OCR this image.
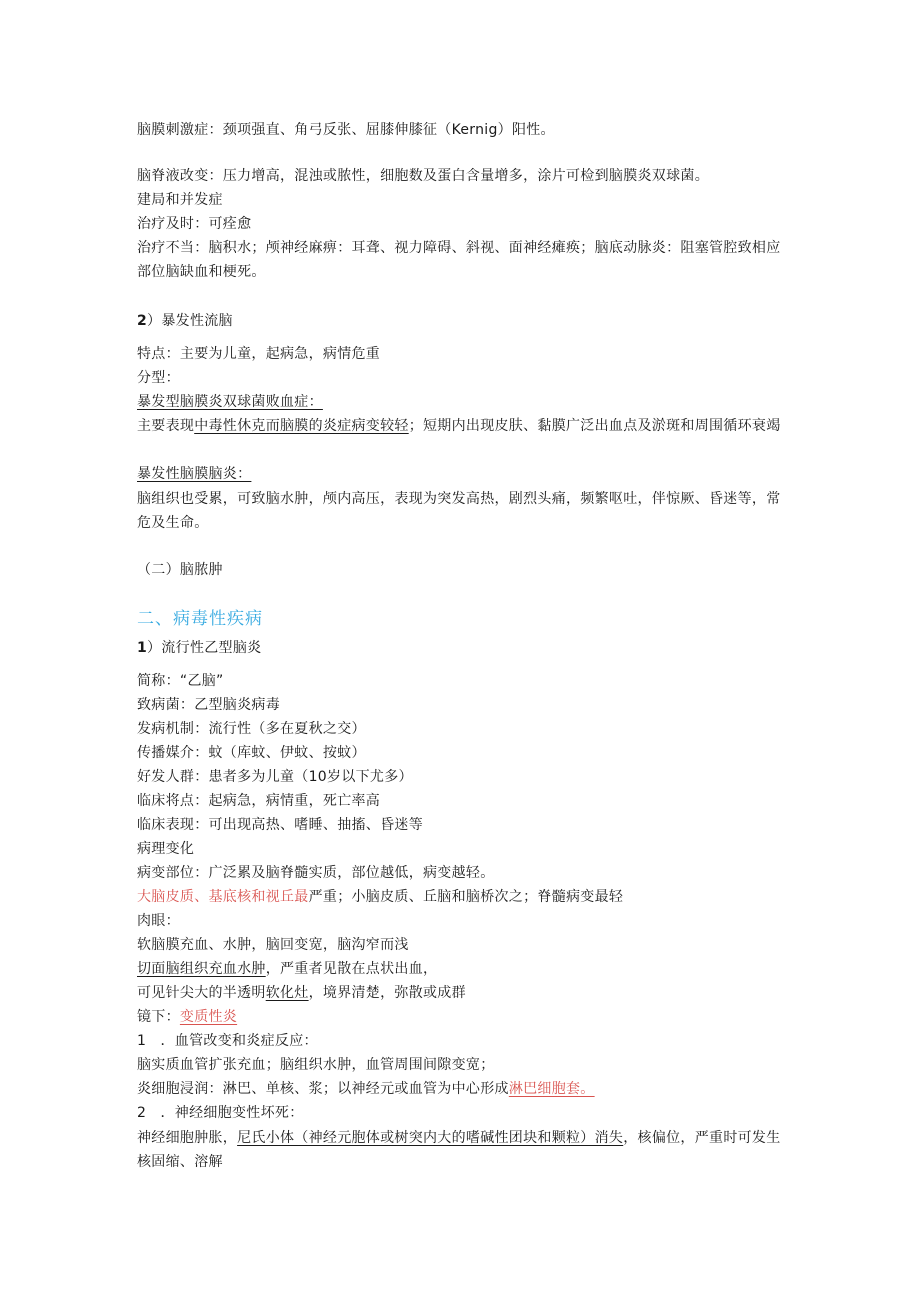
脑膜刺激症：颈项强直、角弓反张、屈膝伸膝征（Kernig）阳性。
脑脊液改变：压力增高，混浊或脓性，细胞数及蛋白含量增多，涂片可检到脑膜炎双球菌。
建局和并发症
治疗及时：可痊愈
治疗不当：脑积水；颅神经麻痹：耳聋、视力障碍、斜视、面神经瘫痪；脑底动脉炎：阻塞管腔致相应部位脑缺血和梗死。
2）暴发性流脑
特点：主要为儿童，起病急，病情危重
分型：
暴发型脑膜炎双球菌败血症：
主要表现中毒性休克而脑膜的炎症病变较轻；短期内出现皮肤、黏膜广泛出血点及淤斑和周围循环衰竭
暴发性脑膜脑炎：
脑组织也受累，可致脑水肿，颅内高压，表现为突发高热，剧烈头痛，频繁呕吐，伴惊厥、昏迷等，常危及生命。
（二）脑脓肿
二、病毒性疾病
1）流行性乙型脑炎
简称：“乙脑”
致病菌：乙型脑炎病毒
发病机制：流行性（多在夏秋之交）
传播媒介：蚊（库蚊、伊蚊、按蚊）
好发人群：患者多为儿童（10岁以下尤多）
临床将点：起病急，病情重，死亡率高
临床表现：可出现高热、嗜睡、抽搐、昏迷等
病理变化
病变部位：广泛累及脑脊髓实质，部位越低，病变越轻。
大脑皮质、基底核和视丘最严重；小脑皮质、丘脑和脑桥次之；脊髓病变最轻
肉眼：
软脑膜充血、水肿，脑回变宽，脑沟窄而浅
切面脑组织充血水肿，严重者见散在点状出血，
可见针尖大的半透明软化灶，境界清楚，弥散或成群
镜下：变质性炎
1　．血管改变和炎症反应：
脑实质血管扩张充血；脑组织水肿，血管周围间隙变宽；
炎细胞浸润：淋巴、单核、浆；以神经元或血管为中心形成淋巴细胞套。
2　．神经细胞变性坏死：
神经细胞肿胀，尼氏小体（神经元胞体或树突内大的嗜碱性团块和颗粒）消失，核偏位，严重时可发生核固缩、溶解
